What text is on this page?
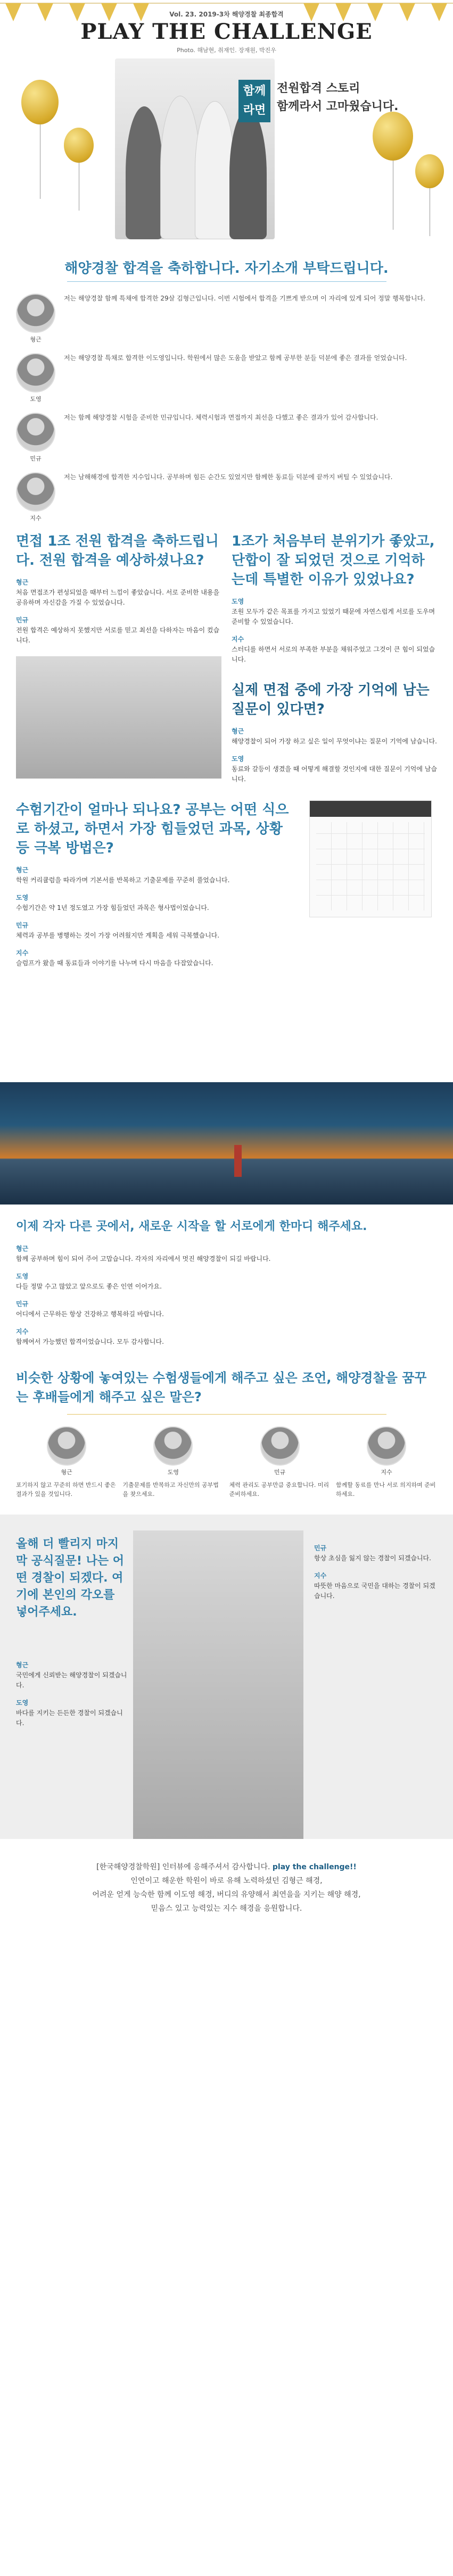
Vol. 23. 2019-3차 해양경찰 최종합격
PLAY THE CHALLENGE
Photo. 해남현, 취재인. 장재원, 박진우
함께 라면
전원합격 스토리
함께라서 고마웠습니다.
해양경찰 합격을 축하합니다. 자기소개 부탁드립니다.
형근
저는 해양경찰 함께 특채에 합격한 29살 김형근입니다. 이번 시험에서 합격을 기쁘게 받으며 이 자리에 있게 되어 정말 행복합니다.
도영
저는 해양경찰 특채로 합격한 이도영입니다. 학원에서 많은 도움을 받았고 함께 공부한 분들 덕분에 좋은 결과를 얻었습니다.
민규
저는 함께 해양경찰 시험을 준비한 민규입니다. 체력시험과 면접까지 최선을 다했고 좋은 결과가 있어 감사합니다.
지수
저는 남해해경에 합격한 지수입니다. 공부하며 힘든 순간도 있었지만 함께한 동료들 덕분에 끝까지 버틸 수 있었습니다.
면접 1조 전원 합격을 축하드립니다. 전원 합격을 예상하셨나요?
형근
처음 면접조가 편성되었을 때부터 느낌이 좋았습니다. 서로 준비한 내용을 공유하며 자신감을 가질 수 있었습니다.
민규
전원 합격은 예상하지 못했지만 서로를 믿고 최선을 다하자는 마음이 컸습니다.
1조가 처음부터 분위기가 좋았고, 단합이 잘 되었던 것으로 기억하는데 특별한 이유가 있었나요?
도영
조원 모두가 같은 목표를 가지고 있었기 때문에 자연스럽게 서로를 도우며 준비할 수 있었습니다.
지수
스터디를 하면서 서로의 부족한 부분을 채워주었고 그것이 큰 힘이 되었습니다.
실제 면접 중에 가장 기억에 남는 질문이 있다면?
형근
해양경찰이 되어 가장 하고 싶은 일이 무엇이냐는 질문이 기억에 남습니다.
도영
동료와 갈등이 생겼을 때 어떻게 해결할 것인지에 대한 질문이 기억에 남습니다.
수험기간이 얼마나 되나요? 공부는 어떤 식으로 하셨고, 하면서 가장 힘들었던 과목, 상황 등 극복 방법은?
형근
학원 커리큘럼을 따라가며 기본서를 반복하고 기출문제를 꾸준히 풀었습니다.
도영
수험기간은 약 1년 정도였고 가장 힘들었던 과목은 형사법이었습니다.
민규
체력과 공부를 병행하는 것이 가장 어려웠지만 계획을 세워 극복했습니다.
지수
슬럼프가 왔을 때 동료들과 이야기를 나누며 다시 마음을 다잡았습니다.
이제 각자 다른 곳에서, 새로운 시작을 할 서로에게 한마디 해주세요.
형근
함께 공부하며 힘이 되어 주어 고맙습니다. 각자의 자리에서 멋진 해양경찰이 되길 바랍니다.
도영
다들 정말 수고 많았고 앞으로도 좋은 인연 이어가요.
민규
어디에서 근무하든 항상 건강하고 행복하길 바랍니다.
지수
함께여서 가능했던 합격이었습니다. 모두 감사합니다.
비슷한 상황에 놓여있는 수험생들에게 해주고 싶은 조언, 해양경찰을 꿈꾸는 후배들에게 해주고 싶은 말은?
형근
포기하지 않고 꾸준히 하면 반드시 좋은 결과가 있을 것입니다.
도영
기출문제를 반복하고 자신만의 공부법을 찾으세요.
민규
체력 관리도 공부만큼 중요합니다. 미리 준비하세요.
지수
함께할 동료를 만나 서로 의지하며 준비하세요.
올해 더 빨리지 마지막 공식질문! 나는 어떤 경찰이 되겠다. 여기에 본인의 각오를 넣어주세요.
형근
국민에게 신뢰받는 해양경찰이 되겠습니다.
도영
바다를 지키는 든든한 경찰이 되겠습니다.
민규
항상 초심을 잃지 않는 경찰이 되겠습니다.
지수
따뜻한 마음으로 국민을 대하는 경찰이 되겠습니다.
[한국해양경찰학원] 인터뷰에 응해주셔서 감사합니다. play the challenge!!
인연이고 해운한 학원이 바로 유해 노력하셨던 김형근 해경,
어려운 얻게 능숙한 함께 이도영 해경, 버디의 유양해서 최연을을 지키는 해양 해경,
믿음스 있고 능력있는 지수 해경을 응원합니다.
